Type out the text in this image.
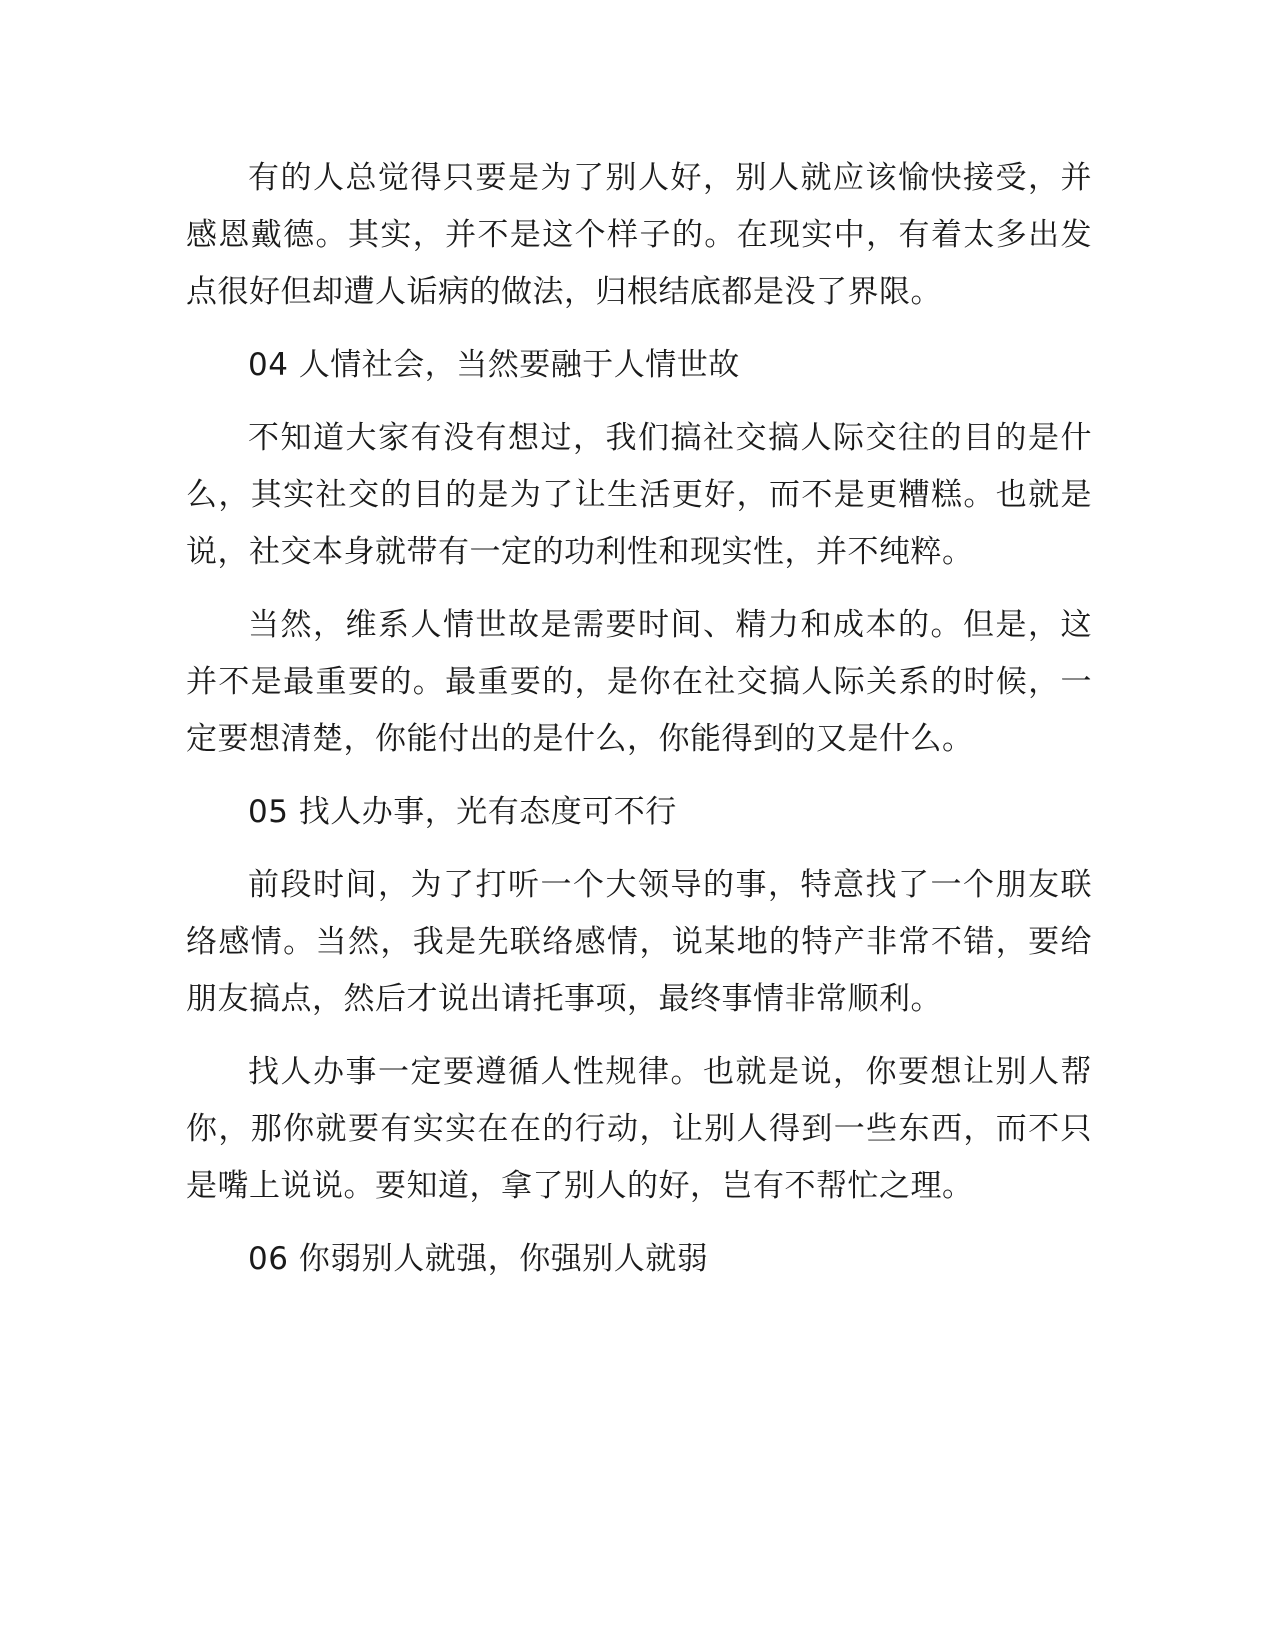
有的人总觉得只要是为了别人好，别人就应该愉快接受，并感恩戴德。其实，并不是这个样子的。在现实中，有着太多出发点很好但却遭人诟病的做法，归根结底都是没了界限。

04 人情社会，当然要融于人情世故

不知道大家有没有想过，我们搞社交搞人际交往的目的是什么，其实社交的目的是为了让生活更好，而不是更糟糕。也就是说，社交本身就带有一定的功利性和现实性，并不纯粹。

当然，维系人情世故是需要时间、精力和成本的。但是，这并不是最重要的。最重要的，是你在社交搞人际关系的时候，一定要想清楚，你能付出的是什么，你能得到的又是什么。

05 找人办事，光有态度可不行

前段时间，为了打听一个大领导的事，特意找了一个朋友联络感情。当然，我是先联络感情，说某地的特产非常不错，要给朋友搞点，然后才说出请托事项，最终事情非常顺利。

找人办事一定要遵循人性规律。也就是说，你要想让别人帮你，那你就要有实实在在的行动，让别人得到一些东西，而不只是嘴上说说。要知道，拿了别人的好，岂有不帮忙之理。

06 你弱别人就强，你强别人就弱
